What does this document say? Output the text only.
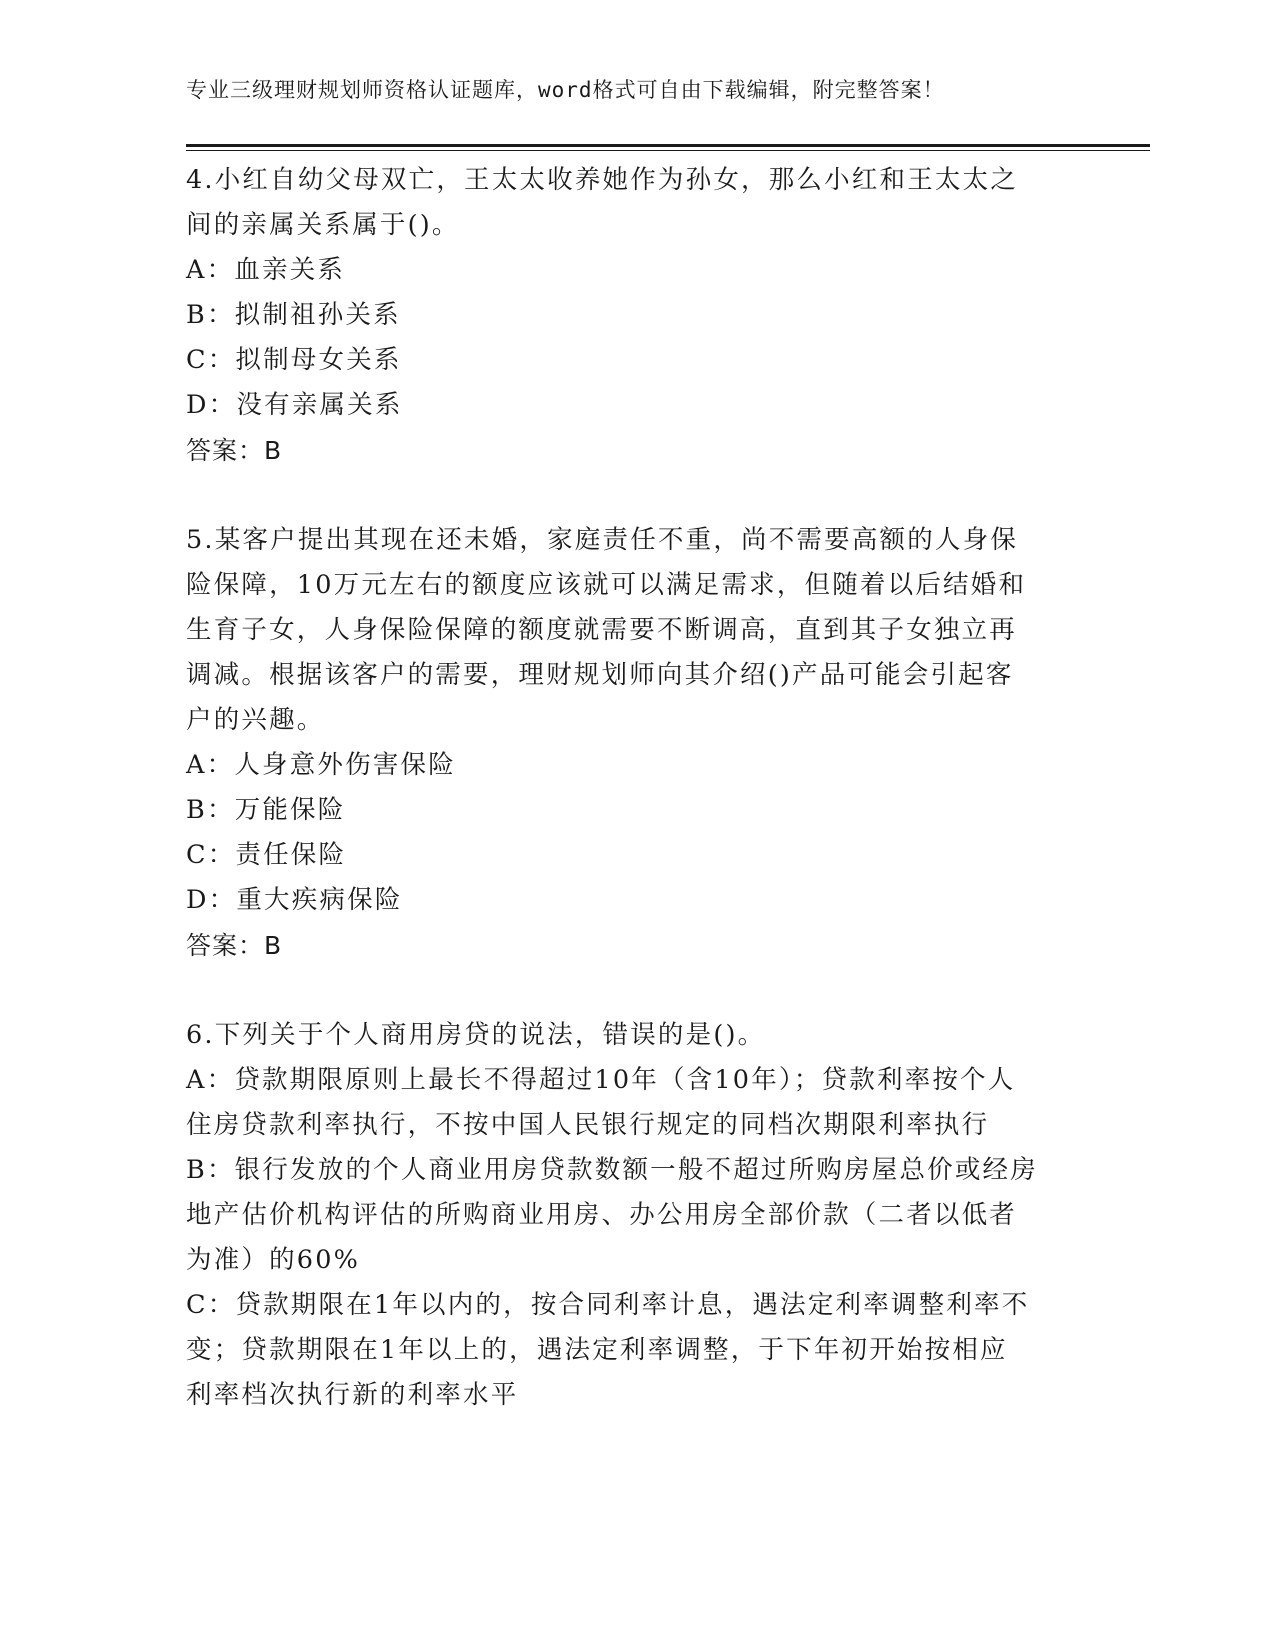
专业三级理财规划师资格认证题库，word格式可自由下载编辑，附完整答案！
4.小红自幼父母双亡，王太太收养她作为孙女，那么小红和王太太之
间的亲属关系属于()。
A：血亲关系
B：拟制祖孙关系
C：拟制母女关系
D：没有亲属关系
答案：B
5.某客户提出其现在还未婚，家庭责任不重，尚不需要高额的人身保
险保障，10万元左右的额度应该就可以满足需求，但随着以后结婚和
生育子女，人身保险保障的额度就需要不断调高，直到其子女独立再
调减。根据该客户的需要，理财规划师向其介绍()产品可能会引起客
户的兴趣。
A：人身意外伤害保险
B：万能保险
C：责任保险
D：重大疾病保险
答案：B
6.下列关于个人商用房贷的说法，错误的是()。
A：贷款期限原则上最长不得超过10年（含10年）；贷款利率按个人
住房贷款利率执行，不按中国人民银行规定的同档次期限利率执行
B：银行发放的个人商业用房贷款数额一般不超过所购房屋总价或经房
地产估价机构评估的所购商业用房、办公用房全部价款（二者以低者
为准）的60%
C：贷款期限在1年以内的，按合同利率计息，遇法定利率调整利率不
变；贷款期限在1年以上的，遇法定利率调整，于下年初开始按相应
利率档次执行新的利率水平
